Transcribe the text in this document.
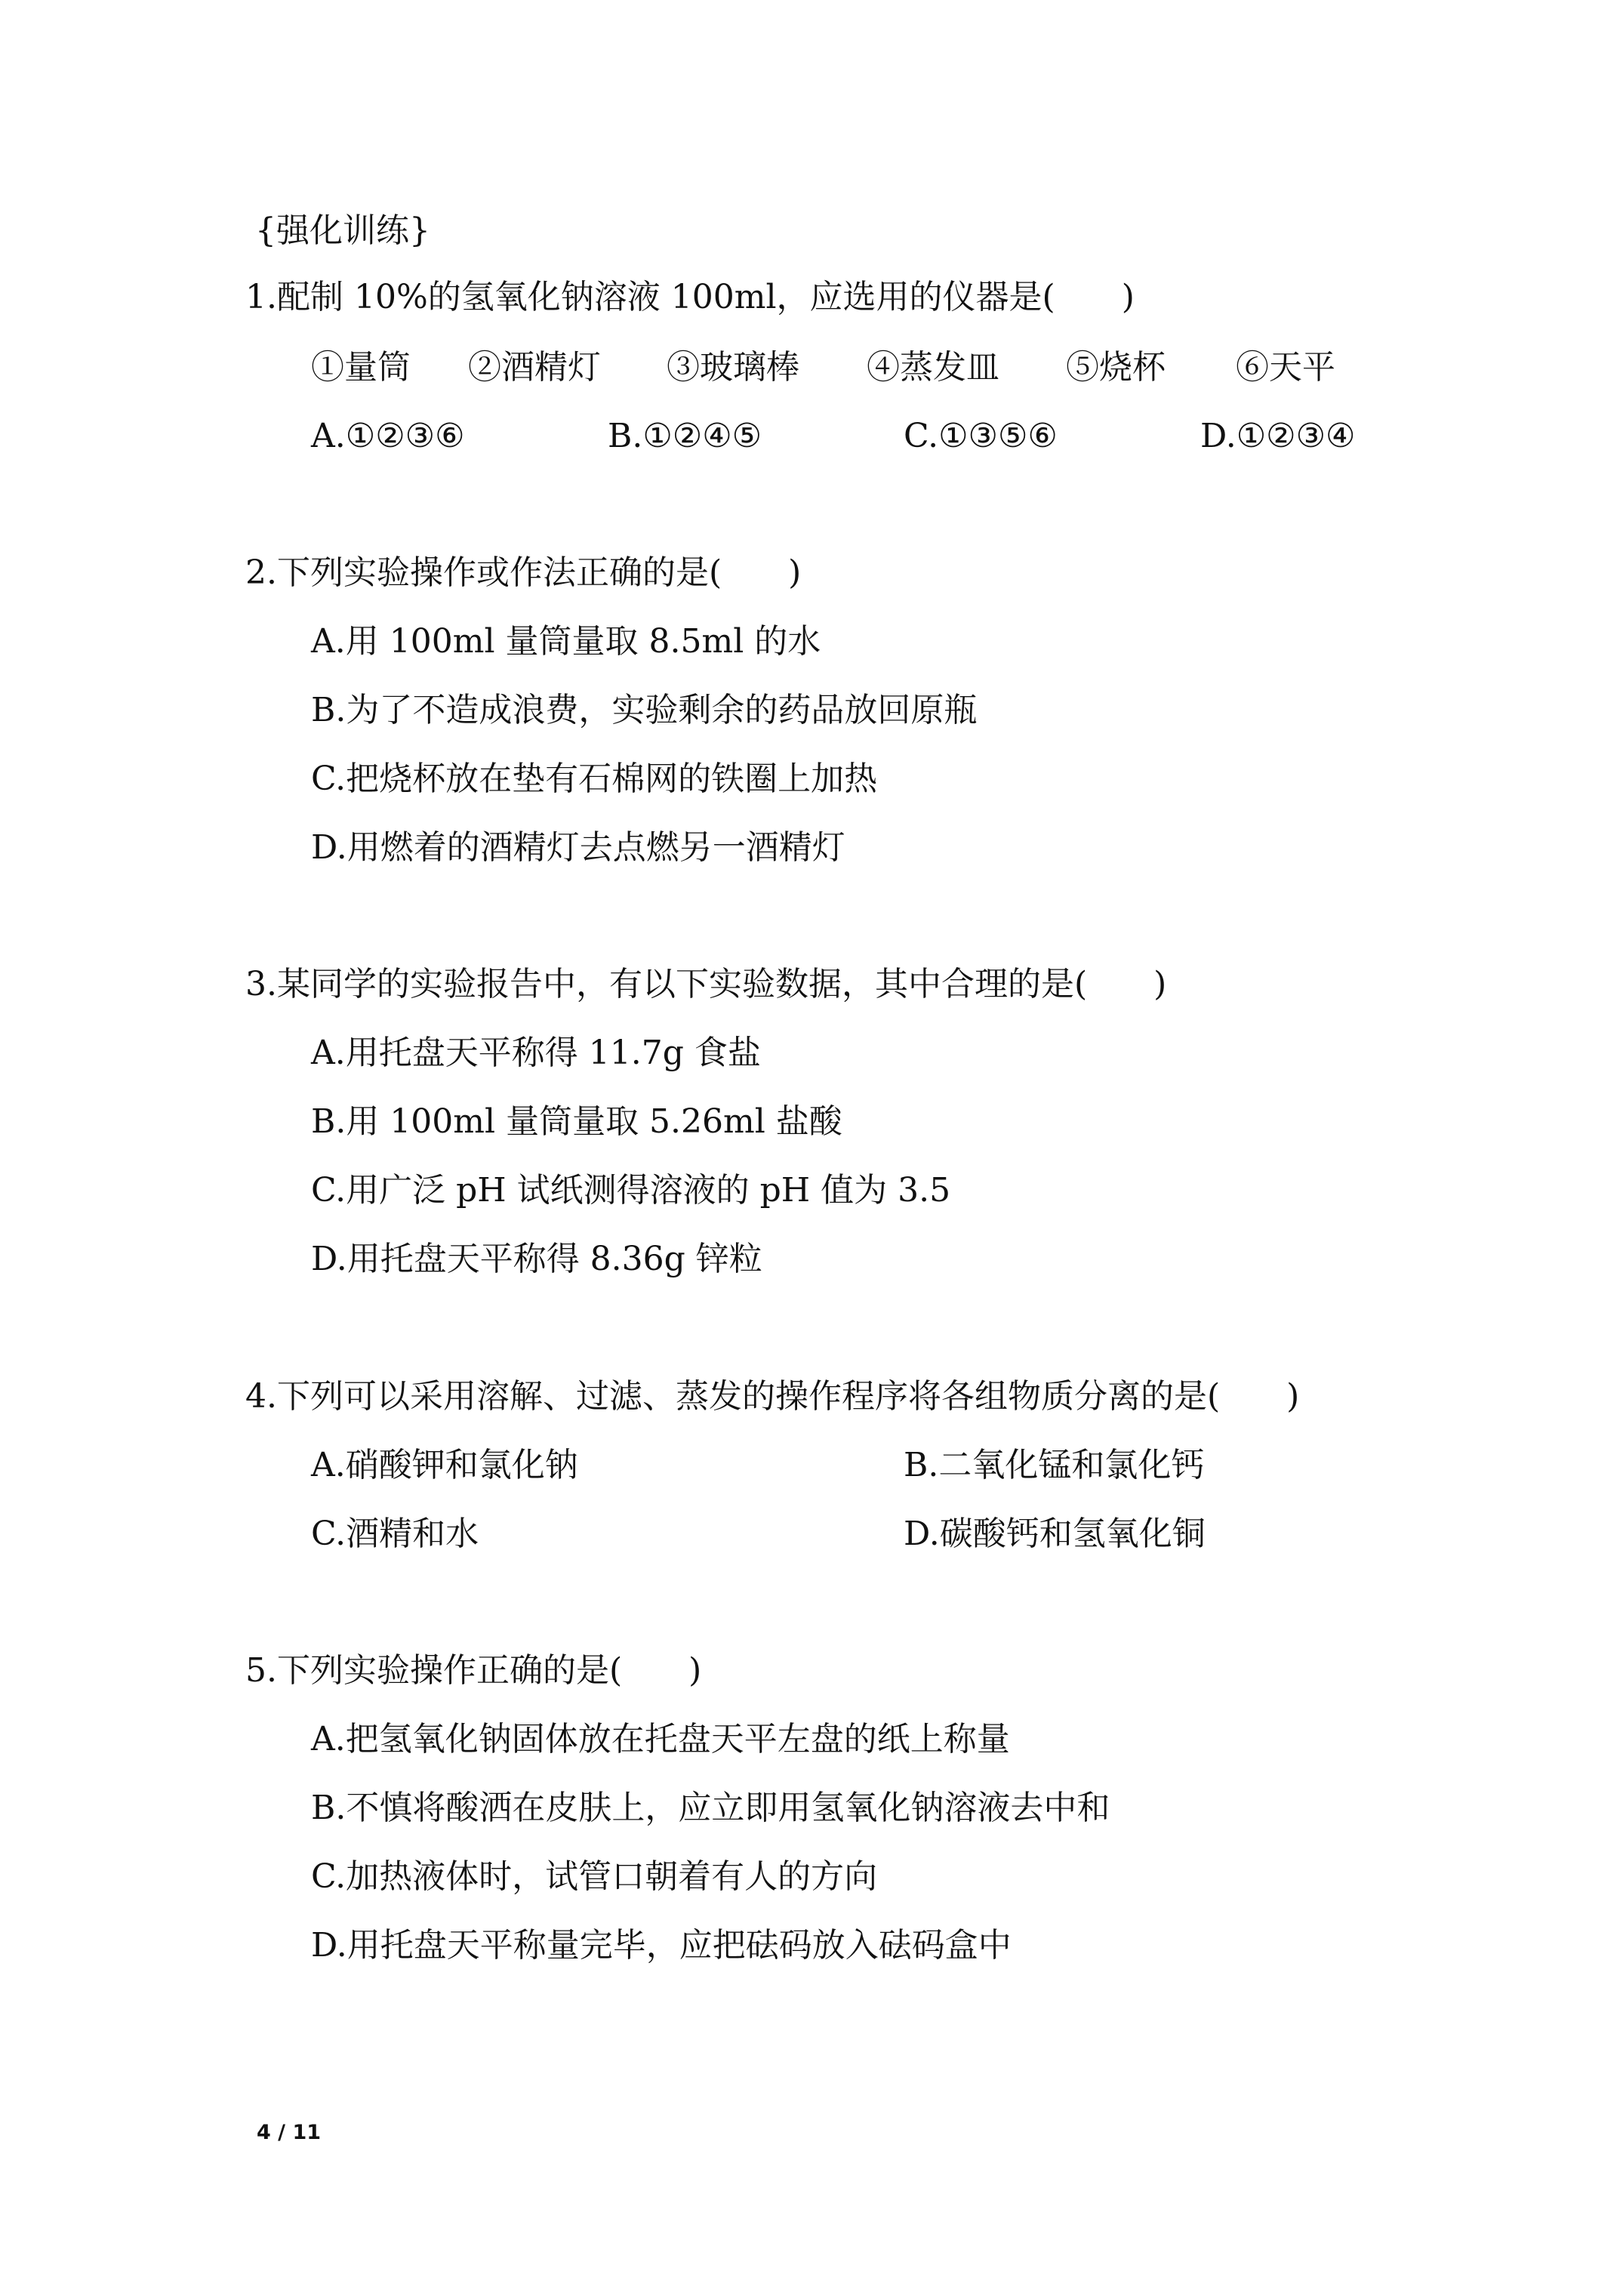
{强化训练}
1.配制 10%的氢氧化钠溶液 100ml，应选用的仪器是(　　)
①量筒 ②酒精灯 ③玻璃棒 ④蒸发皿 ⑤烧杯 ⑥天平
A.①②③⑥	B.①②④⑤	C.①③⑤⑥	D.①②③④
2.下列实验操作或作法正确的是(　　)
A.用 100ml 量筒量取 8.5ml 的水
B.为了不造成浪费，实验剩余的药品放回原瓶
C.把烧杯放在垫有石棉网的铁圈上加热
D.用燃着的酒精灯去点燃另一酒精灯
3.某同学的实验报告中，有以下实验数据，其中合理的是(　　)
A.用托盘天平称得 11.7g 食盐
B.用 100ml 量筒量取 5.26ml 盐酸
C.用广泛 pH 试纸测得溶液的 pH 值为 3.5
D.用托盘天平称得 8.36g 锌粒
4.下列可以采用溶解、过滤、蒸发的操作程序将各组物质分离的是(　　)
A.硝酸钾和氯化钠	B.二氧化锰和氯化钙
C.酒精和水	D.碳酸钙和氢氧化铜
5.下列实验操作正确的是(　　)
A.把氢氧化钠固体放在托盘天平左盘的纸上称量
B.不慎将酸洒在皮肤上，应立即用氢氧化钠溶液去中和
C.加热液体时，试管口朝着有人的方向
D.用托盘天平称量完毕，应把砝码放入砝码盒中
4 / 11
